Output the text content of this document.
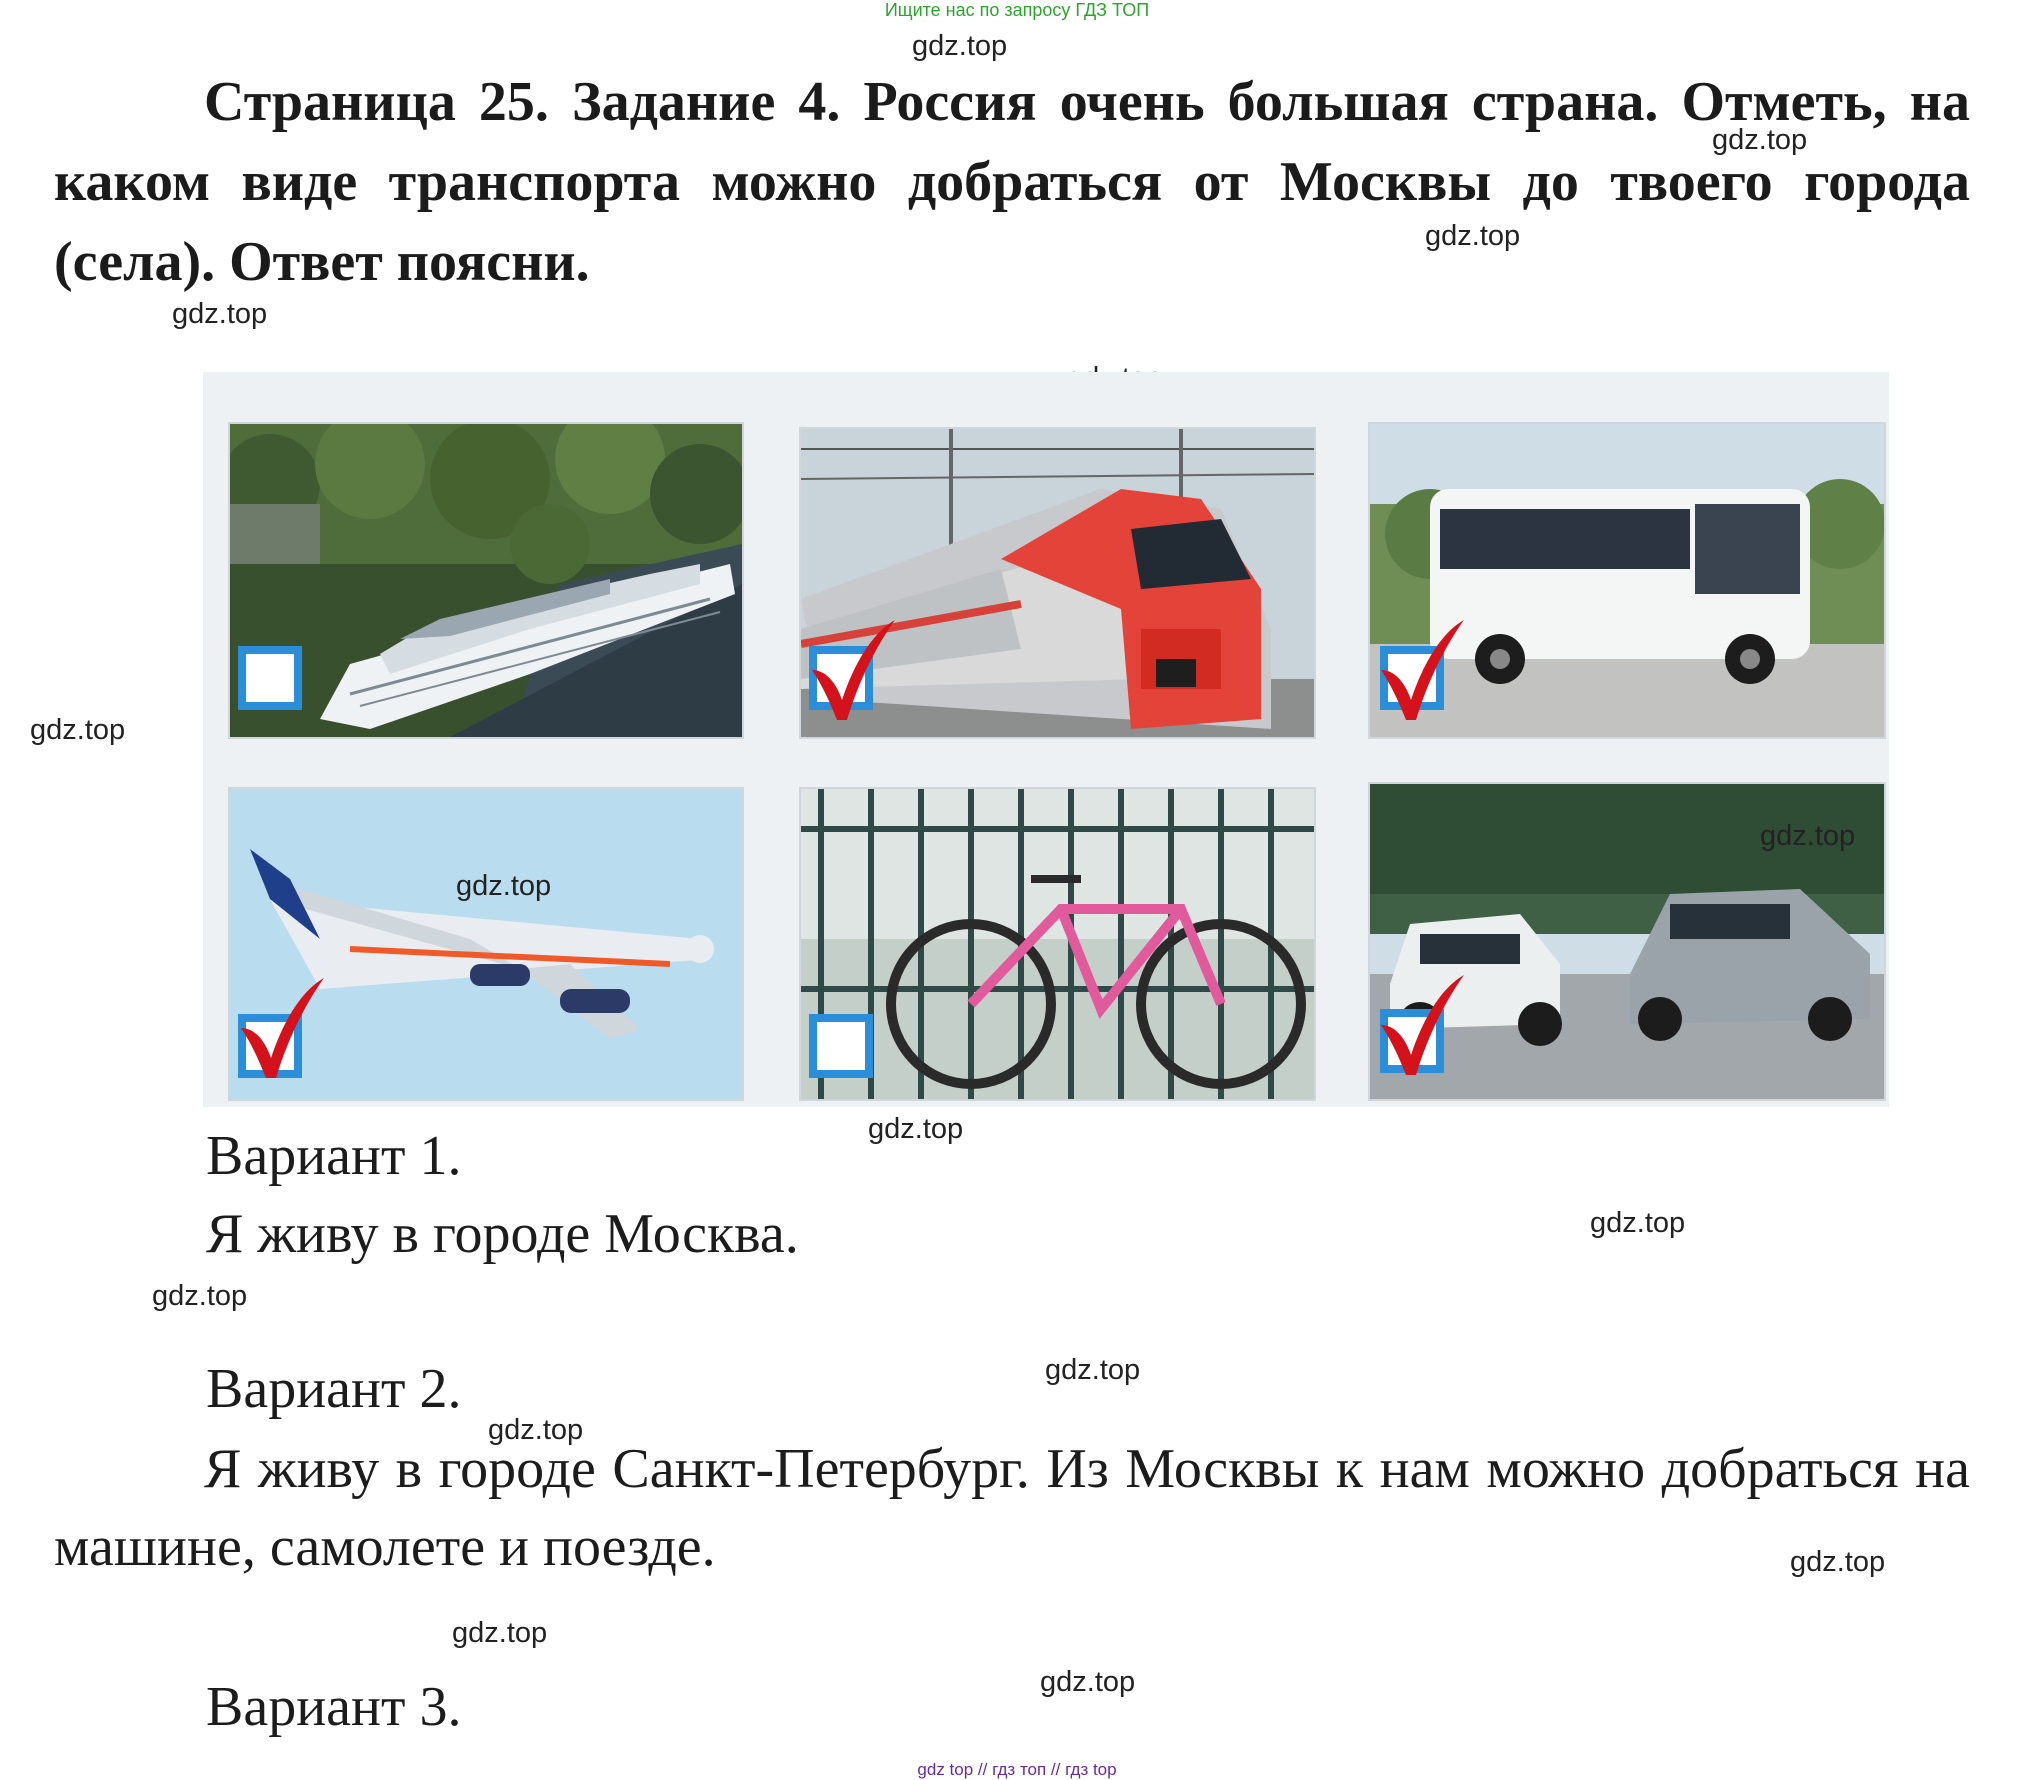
Ищите нас по запросу ГДЗ ТОП
Страница 25. Задание 4. Россия очень большая страна. Отметь, на каком виде транспорта можно добраться от Москвы до твоего города (села). Ответ поясни.
gdz.top
gdz.top
gdz.top
gdz.top
gdz.top
gdz.top
gdz.top
gdz.top
Вариант 1.
Я живу в городе Москва.	gdz.top
gdz.top
Вариант 2.	gdz.top
gdz.top
Я живу в городе Санкт-Петербург. Из Москвы к нам можно добраться на машине, самолете и поезде.	gdz.top
gdz.top
gdz.top
Вариант 3.
gdz top // гдз топ // гдз top
